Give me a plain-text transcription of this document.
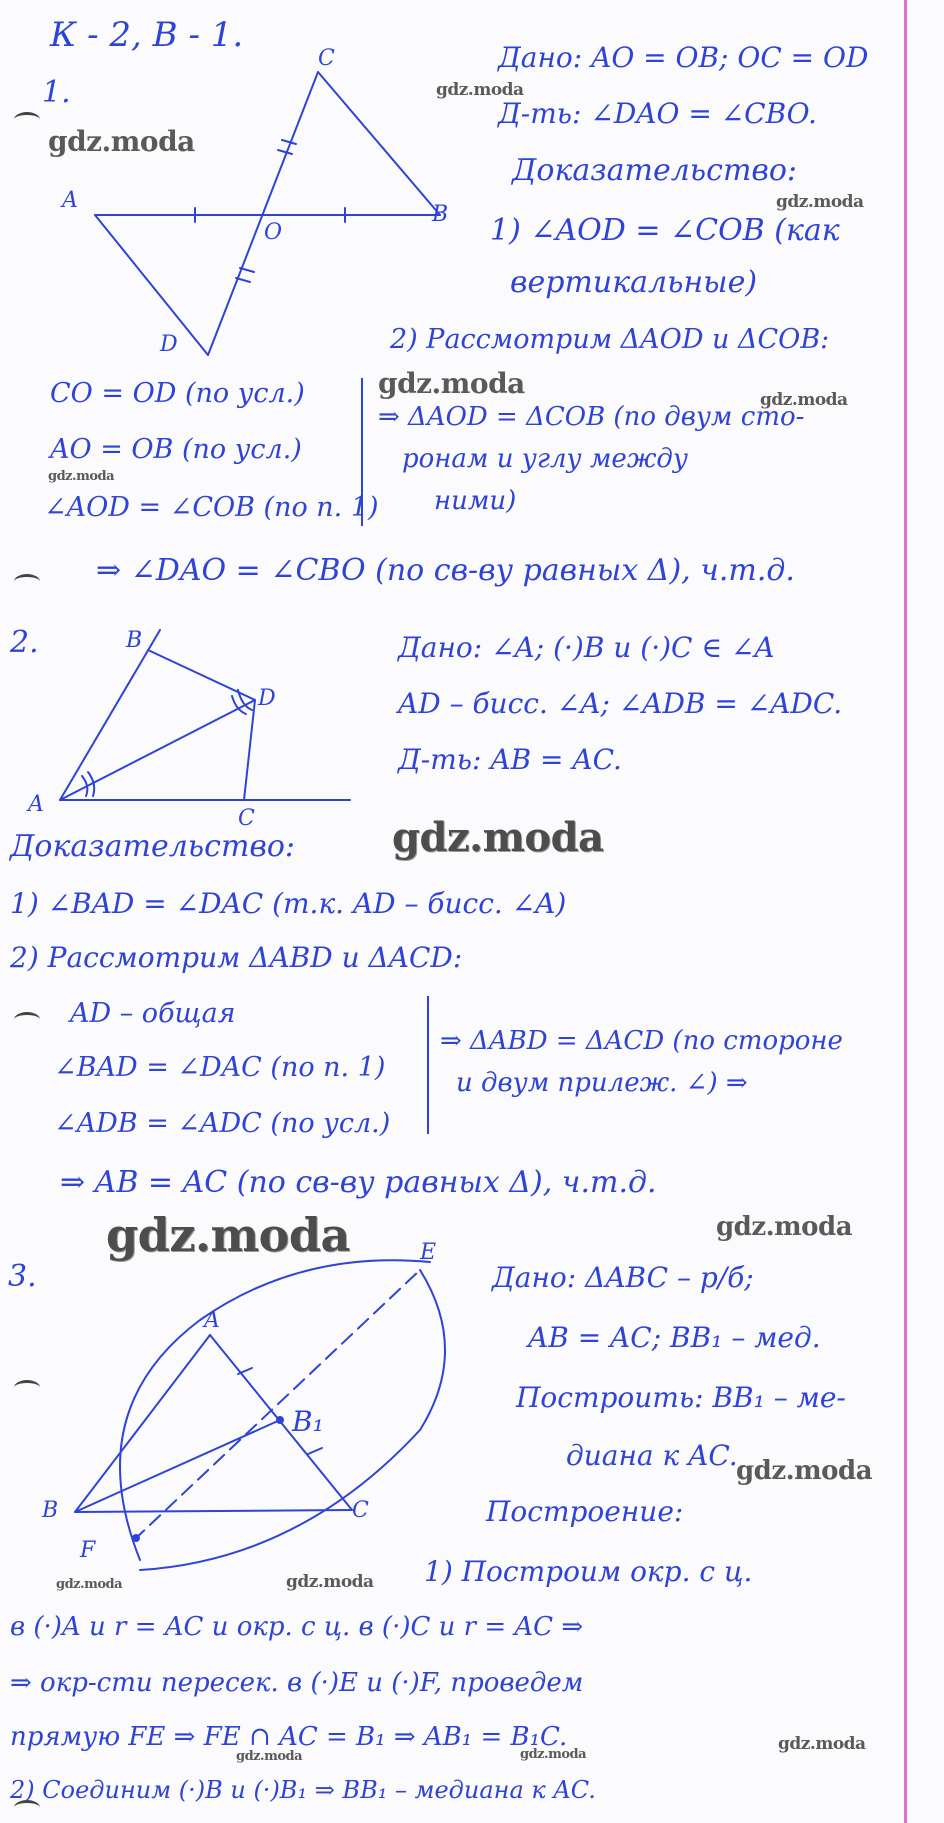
К - 2, В - 1.
1.
C
A
O
B
D
Дано: AO = OB; OC = OD
Д-ть: ∠DAO = ∠CBO.
Доказательство:
1) ∠AOD = ∠COB (как
вертикальные)
2) Рассмотрим ΔAOD и ΔCOB:
CO = OD (по усл.)
AO = OB (по усл.)
∠AOD = ∠COB (по п. 1)
⇒ ΔAOD = ΔCOB (по двум сто-
ронам и углу между
ними)
⇒ ∠DAO = ∠CBO (по св-ву равных Δ), ч.т.д.
2.	B
D
A
C
Дано: ∠A; (·)B и (·)C ∈ ∠A
AD – бисс. ∠A; ∠ADB = ∠ADC.
Д-ть: AB = AC.
Доказательство:
1) ∠BAD = ∠DAC (т.к. AD – бисс. ∠A)
2) Рассмотрим ΔABD и ΔACD:
AD – общая
∠BAD = ∠DAC (по п. 1)
∠ADB = ∠ADC (по усл.)
⇒ ΔABD = ΔACD (по стороне
и двум прилеж. ∠) ⇒
⇒ AB = AC (по св-ву равных Δ), ч.т.д.
3.
A
E
B₁
B	C
F
Дано: ΔABC – р/б;
AB = AC; BB₁ – мед.
Построить: BB₁ – ме-
диана к AC.
Построение:
1) Построим окр. с ц.
в (·)A и r = AC и окр. с ц. в (·)C и r = AC ⇒
⇒ окр-сти пересек. в (·)E и (·)F, проведем
прямую FE ⇒ FE ∩ AC = B₁ ⇒ AB₁ = B₁C.
2) Соединим (·)B и (·)B₁ ⇒ BB₁ – медиана к AC.
gdz.moda
gdz.moda
gdz.moda
gdz.moda	gdz.moda
gdz.moda
gdz.moda
gdz.moda	gdz.moda
gdz.moda
gdz.moda	gdz.moda
gdz.moda	gdz.moda
gdz.moda
